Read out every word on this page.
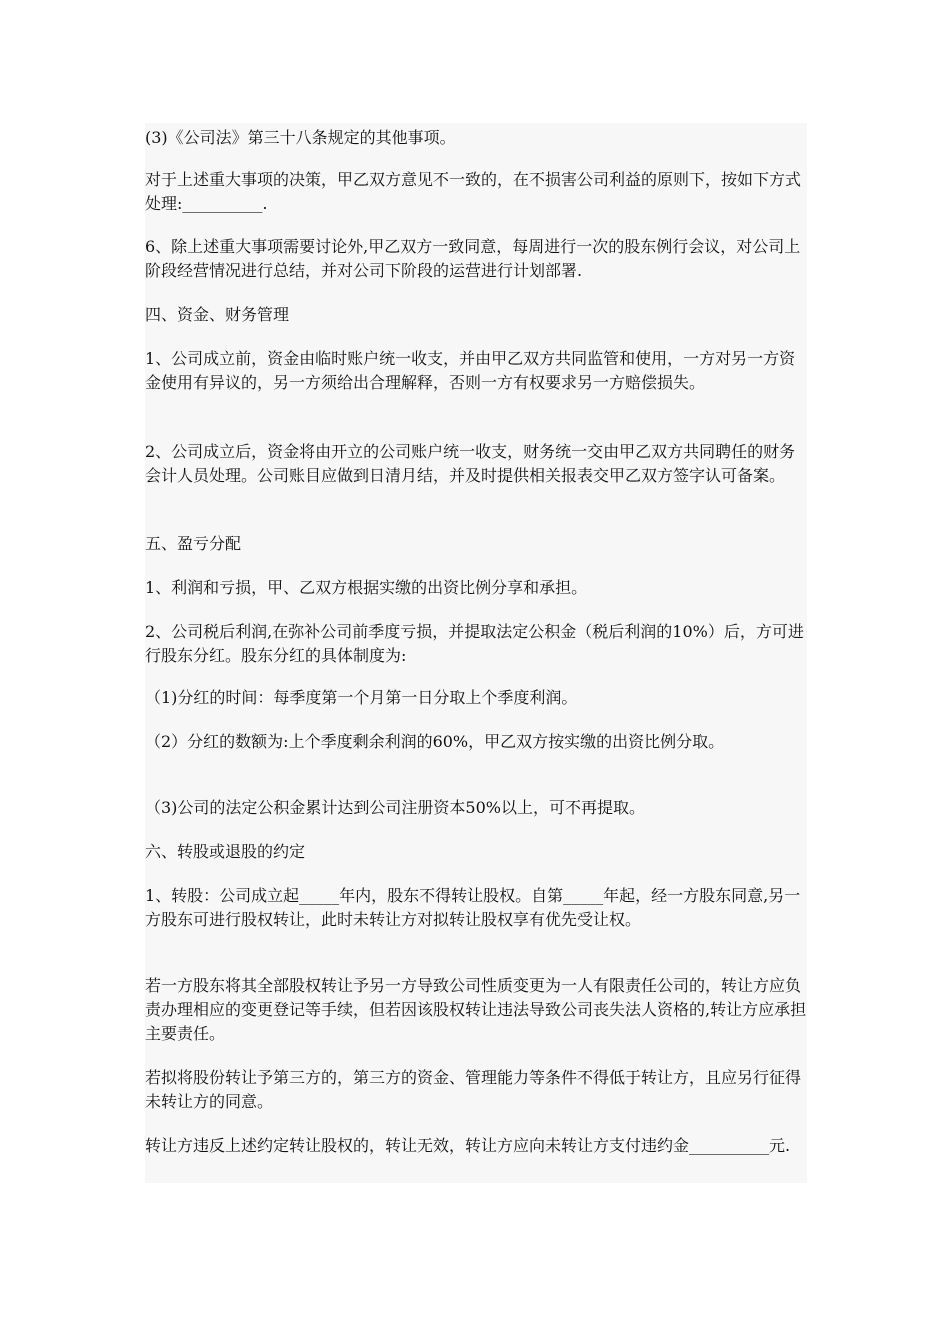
(3)《公司法》第三十八条规定的其他事项。

对于上述重大事项的决策，甲乙双方意见不一致的，在不损害公司利益的原则下，按如下方式处理:__________.

6、除上述重大事项需要讨论外,甲乙双方一致同意，每周进行一次的股东例行会议，对公司上阶段经营情况进行总结，并对公司下阶段的运营进行计划部署.

四、资金、财务管理

1、公司成立前，资金由临时账户统一收支，并由甲乙双方共同监管和使用，一方对另一方资金使用有异议的，另一方须给出合理解释，否则一方有权要求另一方赔偿损失。

2、公司成立后，资金将由开立的公司账户统一收支，财务统一交由甲乙双方共同聘任的财务会计人员处理。公司账目应做到日清月结，并及时提供相关报表交甲乙双方签字认可备案。

五、盈亏分配

1、利润和亏损，甲、乙双方根据实缴的出资比例分享和承担。

2、公司税后利润,在弥补公司前季度亏损，并提取法定公积金（税后利润的10%）后，方可进行股东分红。股东分红的具体制度为:

（1)分红的时间：每季度第一个月第一日分取上个季度利润。

（2）分红的数额为:上个季度剩余利润的60%，甲乙双方按实缴的出资比例分取。

（3)公司的法定公积金累计达到公司注册资本50%以上，可不再提取。

六、转股或退股的约定

1、转股：公司成立起_____年内，股东不得转让股权。自第_____年起，经一方股东同意,另一方股东可进行股权转让，此时未转让方对拟转让股权享有优先受让权。

若一方股东将其全部股权转让予另一方导致公司性质变更为一人有限责任公司的，转让方应负责办理相应的变更登记等手续，但若因该股权转让违法导致公司丧失法人资格的,转让方应承担主要责任。

若拟将股份转让予第三方的，第三方的资金、管理能力等条件不得低于转让方，且应另行征得未转让方的同意。

转让方违反上述约定转让股权的，转让无效，转让方应向未转让方支付违约金__________元.
